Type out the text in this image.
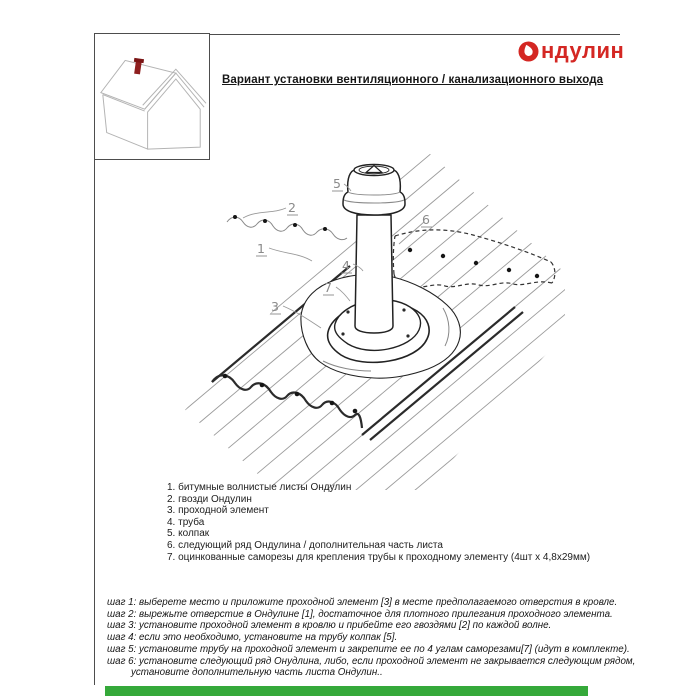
ндулин
Вариант установки вентиляционного / канализационного выхода
1
2
3
4
5
6
7
1. битумные волнистые листы Ондулин
2. гвозди Ондулин
3. проходной элемент
4. труба
5. колпак
6. следующий ряд Ондулина / дополнительная часть листа
7. оцинкованные саморезы для крепления трубы к проходному элементу (4шт х 4,8х29мм)
шаг 1: выберете место и приложите проходной элемент [3] в месте предполагаемого отверстия в кровле.
шаг 2: вырежьте отверстие в Ондулине [1], достаточное для плотного прилегания проходного элемента.
шаг 3: установите проходной элемент в кровлю и прибейте его гвоздями [2] по каждой волне.
шаг 4: если это необходимо, установите на трубу колпак [5].
шаг 5: установите трубу на проходной элемент и закрепите ее по 4 углам саморезами[7] (идут в комплекте).
шаг 6: установите следующий ряд Онудлина, либо, если проходной элемент не закрывается следующим рядом,
установите дополнительную часть листа Ондулин..
